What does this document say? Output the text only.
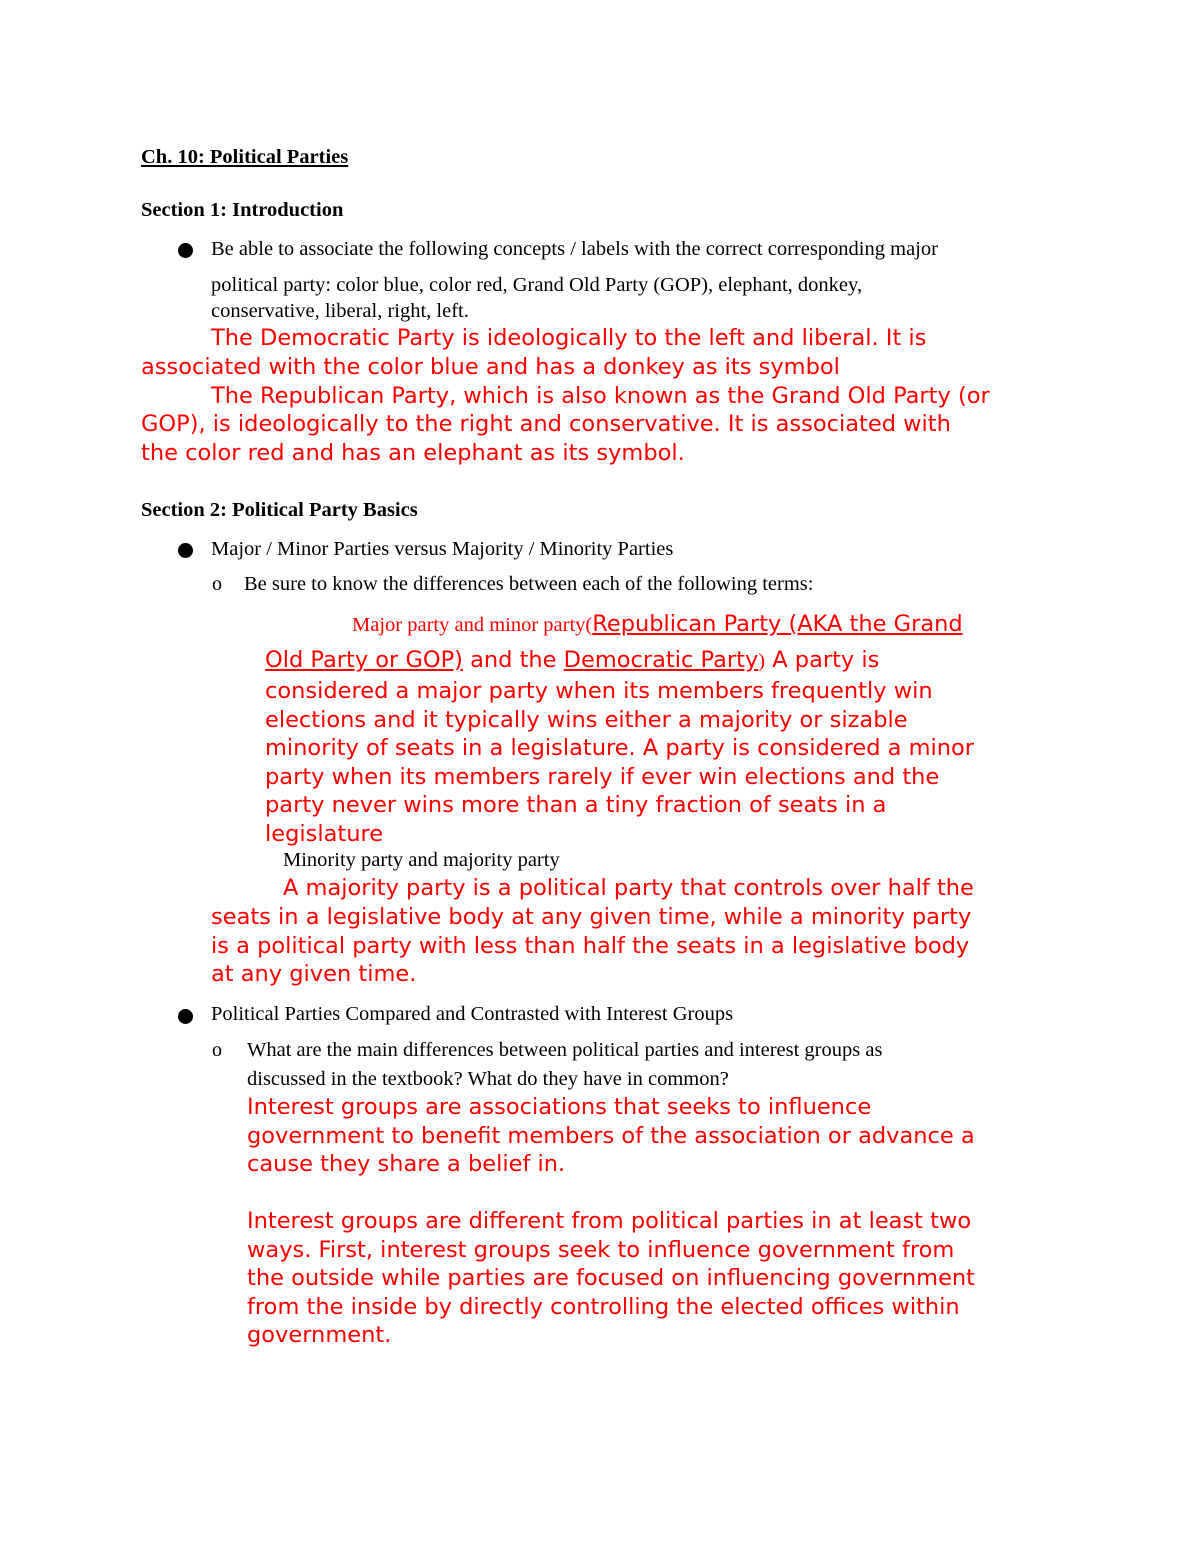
Ch. 10: Political Parties
Section 1: Introduction
Be able to associate the following concepts / labels with the correct corresponding major
political party: color blue, color red, Grand Old Party (GOP), elephant, donkey,
conservative, liberal, right, left.
The Democratic Party is ideologically to the left and liberal. It is
associated with the color blue and has a donkey as its symbol
The Republican Party, which is also known as the Grand Old Party (or
GOP), is ideologically to the right and conservative. It is associated with
the color red and has an elephant as its symbol.
Section 2: Political Party Basics
Major / Minor Parties versus Majority / Minority Parties
o Be sure to know the differences between each of the following terms:
Major party and minor party(Republican Party (AKA the Grand
Old Party or GOP) and the Democratic Party) A party is
considered a major party when its members frequently win
elections and it typically wins either a majority or sizable
minority of seats in a legislature. A party is considered a minor
party when its members rarely if ever win elections and the
party never wins more than a tiny fraction of seats in a
legislature
Minority party and majority party
A majority party is a political party that controls over half the
seats in a legislative body at any given time, while a minority party
is a political party with less than half the seats in a legislative body
at any given time.
Political Parties Compared and Contrasted with Interest Groups
o What are the main differences between political parties and interest groups as
discussed in the textbook? What do they have in common?
Interest groups are associations that seeks to influence
government to benefit members of the association or advance a
cause they share a belief in.
Interest groups are different from political parties in at least two
ways. First, interest groups seek to influence government from
the outside while parties are focused on influencing government
from the inside by directly controlling the elected offices within
government.
